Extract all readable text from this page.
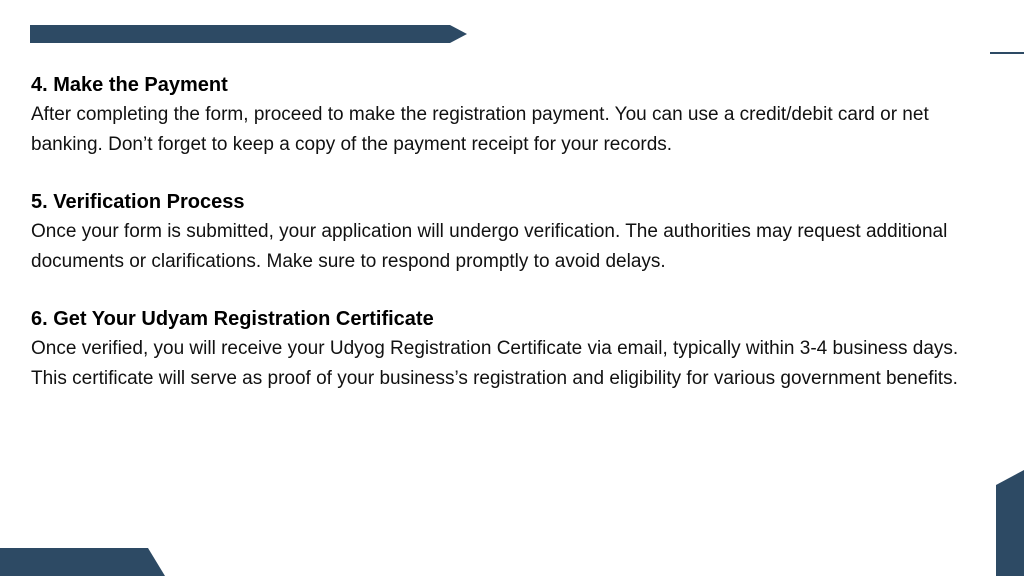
4. Make the Payment

After completing the form, proceed to make the registration payment. You can use a credit/debit card or net banking. Don’t forget to keep a copy of the payment receipt for your records.

5. Verification Process

Once your form is submitted, your application will undergo verification. The authorities may request additional documents or clarifications. Make sure to respond promptly to avoid delays.

6. Get Your Udyam Registration Certificate

Once verified, you will receive your Udyog Registration Certificate via email, typically within 3-4 business days. This certificate will serve as proof of your business’s registration and eligibility for various government benefits.
